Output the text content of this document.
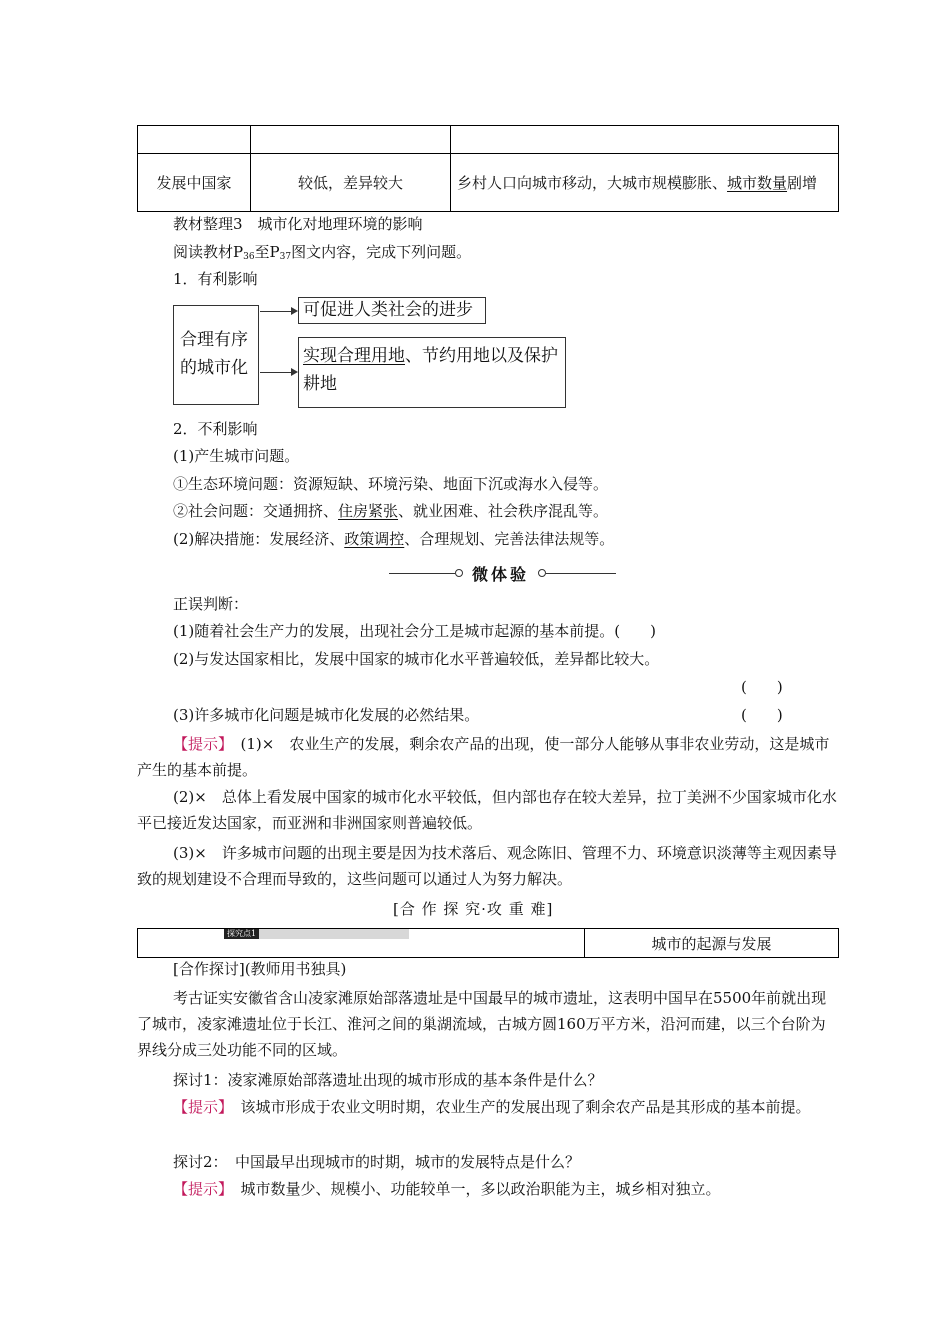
发展中国家	较低，差异较大	乡村人口向城市移动，大城市规模膨胀、城市数量剧增
教材整理3　城市化对地理环境的影响
阅读教材$P_{36}$至$P_{37}$图文内容，完成下列问题。
1．有利影响
合理有序的城市化
可促进人类社会的进步
实现合理用地、节约用地以及保护耕地
2．不利影响
(1)产生城市问题。
①生态环境问题：资源短缺、环境污染、地面下沉或海水入侵等。
②社会问题：交通拥挤、住房紧张、就业困难、社会秩序混乱等。
(2)解决措施：发展经济、政策调控、合理规划、完善法律法规等。
微体验
正误判断：
(1)随着社会生产力的发展，出现社会分工是城市起源的基本前提。(　　)
(2)与发达国家相比，发展中国家的城市化水平普遍较低，差异都比较大。
(　　)
(3)许多城市化问题是城市化发展的必然结果。	(　　)
【提示】　(1)×　农业生产的发展，剩余农产品的出现，使一部分人能够从事非农业劳动，这是城市产生的基本前提。
(2)×　总体上看发展中国家的城市化水平较低，但内部也存在较大差异，拉丁美洲不少国家城市化水平已接近发达国家，而亚洲和非洲国家则普遍较低。
(3)×　许多城市问题的出现主要是因为技术落后、观念陈旧、管理不力、环境意识淡薄等主观因素导致的规划建设不合理而导致的，这些问题可以通过人为努力解决。
[合 作 探 究·攻 重 难]
探究点1	城市的起源与发展
[合作探讨](教师用书独具)
考古证实安徽省含山凌家滩原始部落遗址是中国最早的城市遗址，这表明中国早在5500年前就出现了城市，凌家滩遗址位于长江、淮河之间的巢湖流域，古城方圆160万平方米，沿河而建，以三个台阶为界线分成三处功能不同的区域。
探讨1：凌家滩原始部落遗址出现的城市形成的基本条件是什么？
【提示】　该城市形成于农业文明时期，农业生产的发展出现了剩余农产品是其形成的基本前提。
探讨2：　中国最早出现城市的时期，城市的发展特点是什么？
【提示】　城市数量少、规模小、功能较单一，多以政治职能为主，城乡相对独立。
